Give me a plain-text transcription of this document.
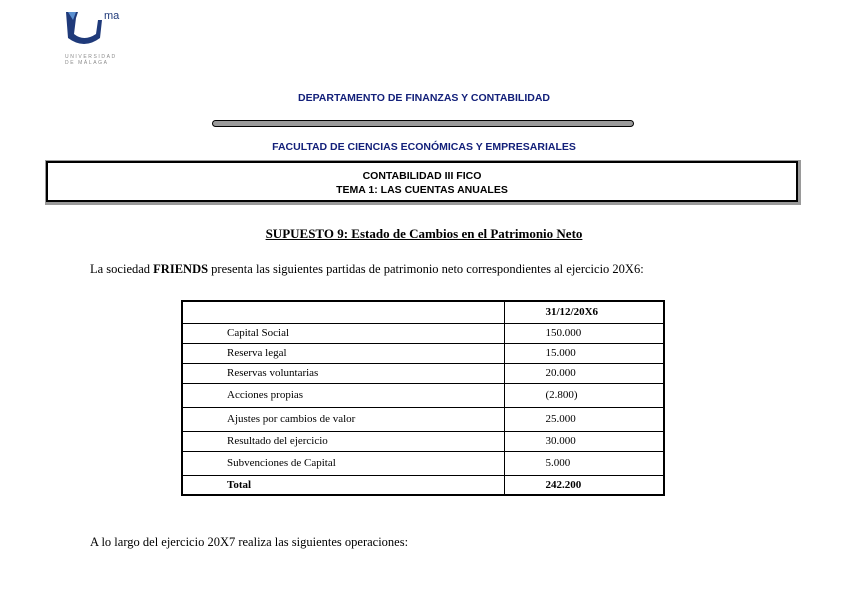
ma
UNIVERSIDAD
DE MÁLAGA
DEPARTAMENTO DE FINANZAS Y CONTABILIDAD
FACULTAD DE CIENCIAS ECONÓMICAS Y EMPRESARIALES
CONTABILIDAD III FICO
TEMA 1: LAS CUENTAS ANUALES
SUPUESTO 9: Estado de Cambios en el Patrimonio Neto
La sociedad FRIENDS presenta las siguientes partidas de patrimonio neto correspondientes al ejercicio 20X6:
	31/12/20X6
Capital Social	150.000
Reserva legal	15.000
Reservas voluntarias	20.000
Acciones propias	(2.800)
Ajustes por cambios de valor	25.000
Resultado del ejercicio	30.000
Subvenciones de Capital	5.000
Total	242.200
A lo largo del ejercicio 20X7 realiza las siguientes operaciones:
